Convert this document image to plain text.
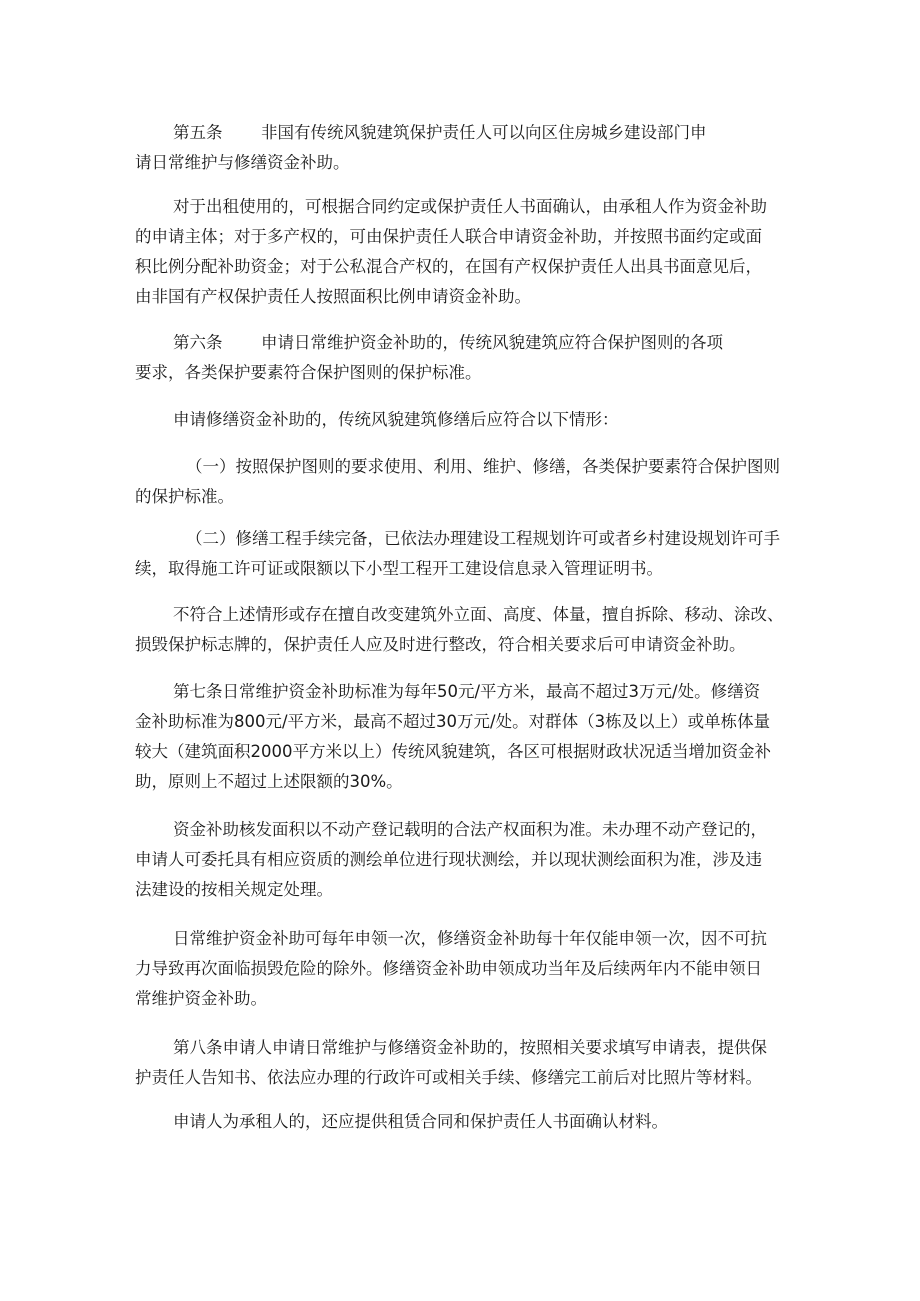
第五条 非国有传统风貌建筑保护责任人可以向区住房城乡建设部门申
请日常维护与修缮资金补助。
对于出租使用的，可根据合同约定或保护责任人书面确认，由承租人作为资金补助
的申请主体；对于多产权的，可由保护责任人联合申请资金补助，并按照书面约定或面
积比例分配补助资金；对于公私混合产权的，在国有产权保护责任人出具书面意见后，
由非国有产权保护责任人按照面积比例申请资金补助。
第六条 申请日常维护资金补助的，传统风貌建筑应符合保护图则的各项
要求，各类保护要素符合保护图则的保护标准。
申请修缮资金补助的，传统风貌建筑修缮后应符合以下情形：
（一）按照保护图则的要求使用、利用、维护、修缮，各类保护要素符合保护图则
的保护标准。
（二）修缮工程手续完备，已依法办理建设工程规划许可或者乡村建设规划许可手
续，取得施工许可证或限额以下小型工程开工建设信息录入管理证明书。
不符合上述情形或存在擅自改变建筑外立面、高度、体量，擅自拆除、移动、涂改、
损毁保护标志牌的，保护责任人应及时进行整改，符合相关要求后可申请资金补助。
第七条日常维护资金补助标准为每年50元/平方米，最高不超过3万元/处。修缮资
金补助标准为800元/平方米，最高不超过30万元/处。对群体（3栋及以上）或单栋体量
较大（建筑面积2000平方米以上）传统风貌建筑，各区可根据财政状况适当增加资金补
助，原则上不超过上述限额的30%。
资金补助核发面积以不动产登记载明的合法产权面积为准。未办理不动产登记的，
申请人可委托具有相应资质的测绘单位进行现状测绘，并以现状测绘面积为准，涉及违
法建设的按相关规定处理。
日常维护资金补助可每年申领一次，修缮资金补助每十年仅能申领一次，因不可抗
力导致再次面临损毁危险的除外。修缮资金补助申领成功当年及后续两年内不能申领日
常维护资金补助。
第八条申请人申请日常维护与修缮资金补助的，按照相关要求填写申请表，提供保
护责任人告知书、依法应办理的行政许可或相关手续、修缮完工前后对比照片等材料。
申请人为承租人的，还应提供租赁合同和保护责任人书面确认材料。
